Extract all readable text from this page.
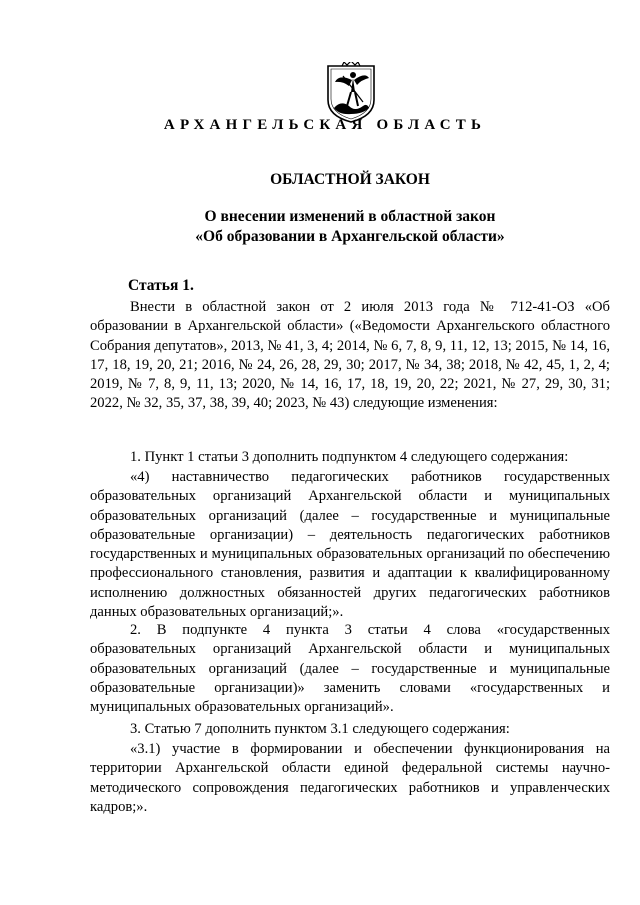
АРХАНГЕЛЬСКАЯ ОБЛАСТЬ
ОБЛАСТНОЙ ЗАКОН
О внесении изменений в областной закон
«Об образовании в Архангельской области»
Статья 1.

Внести в областной закон от 2 июля 2013 года № 712-41-ОЗ «Об образовании в Архангельской области» («Ведомости Архангельского областного Собрания депутатов», 2013, № 41, 3, 4; 2014, № 6, 7, 8, 9, 11, 12, 13; 2015, № 14, 16, 17, 18, 19, 20, 21; 2016, № 24, 26, 28, 29, 30; 2017, № 34, 38; 2018, № 42, 45, 1, 2, 4; 2019, № 7, 8, 9, 11, 13; 2020, № 14, 16, 17, 18, 19, 20, 22; 2021, № 27, 29, 30, 31; 2022, № 32, 35, 37, 38, 39, 40; 2023, № 43) следующие изменения:

1. Пункт 1 статьи 3 дополнить подпунктом 4 следующего содержания:

«4) наставничество педагогических работников государственных образовательных организаций Архангельской области и муниципальных образовательных организаций (далее – государственные и муниципальные образовательные организации) – деятельность педагогических работников государственных и муниципальных образовательных организаций по обеспечению профессионального становления, развития и адаптации к квалифицированному исполнению должностных обязанностей других педагогических работников данных образовательных организаций;».

2. В подпункте 4 пункта 3 статьи 4 слова «государственных образовательных организаций Архангельской области и муниципальных образовательных организаций (далее – государственные и муниципальные образовательные организации)» заменить словами «государственных и муниципальных образовательных организаций».

3. Статью 7 дополнить пунктом 3.1 следующего содержания:

«3.1) участие в формировании и обеспечении функционирования на территории Архангельской области единой федеральной системы научно-методического сопровождения педагогических работников и управленческих кадров;».
